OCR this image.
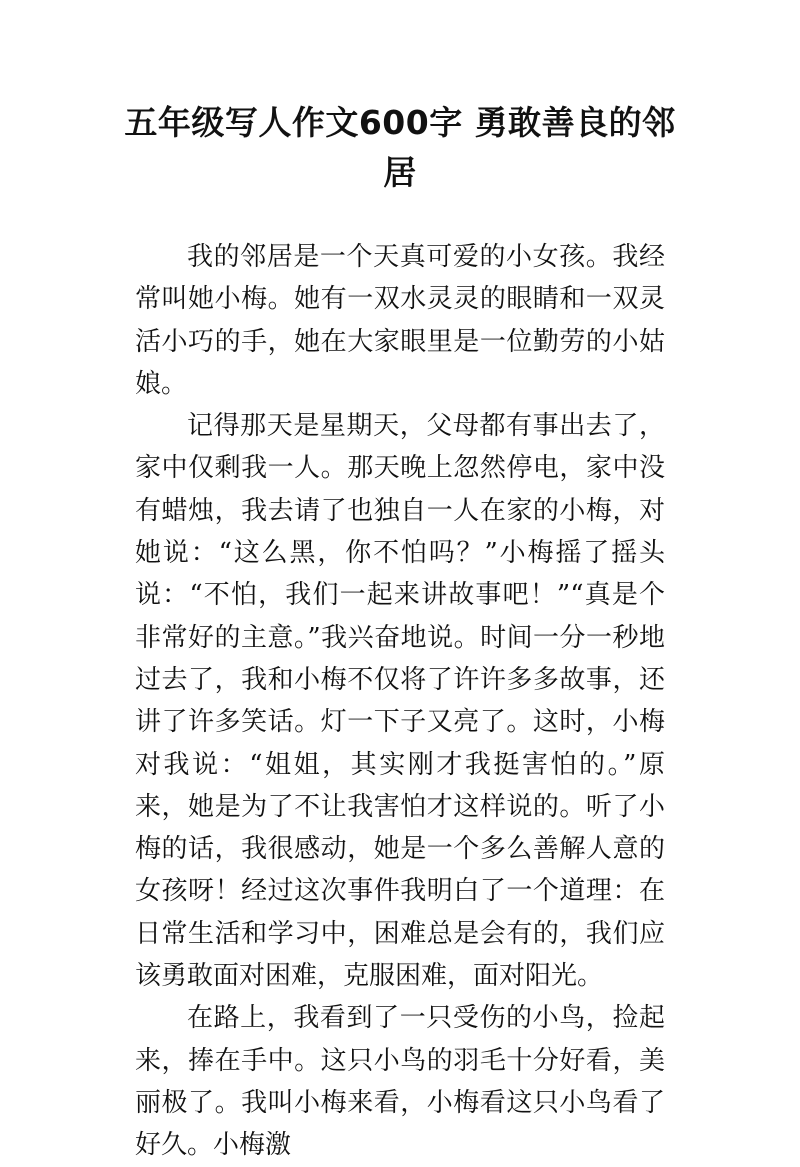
五年级写人作文600字 勇敢善良的邻居

我的邻居是一个天真可爱的小女孩。我经常叫她小梅。她有一双水灵灵的眼睛和一双灵活小巧的手，她在大家眼里是一位勤劳的小姑娘。

记得那天是星期天，父母都有事出去了，家中仅剩我一人。那天晚上忽然停电，家中没有蜡烛，我去请了也独自一人在家的小梅，对她说：“这么黑，你不怕吗？”小梅摇了摇头说：“不怕，我们一起来讲故事吧！”“真是个非常好的主意。”我兴奋地说。时间一分一秒地过去了，我和小梅不仅将了许许多多故事，还讲了许多笑话。灯一下子又亮了。这时，小梅对我说：“姐姐，其实刚才我挺害怕的。”原来，她是为了不让我害怕才这样说的。听了小梅的话，我很感动，她是一个多么善解人意的女孩呀！经过这次事件我明白了一个道理：在日常生活和学习中，困难总是会有的，我们应该勇敢面对困难，克服困难，面对阳光。

在路上，我看到了一只受伤的小鸟，捡起来，捧在手中。这只小鸟的羽毛十分好看，美丽极了。我叫小梅来看，小梅看这只小鸟看了好久。小梅激
